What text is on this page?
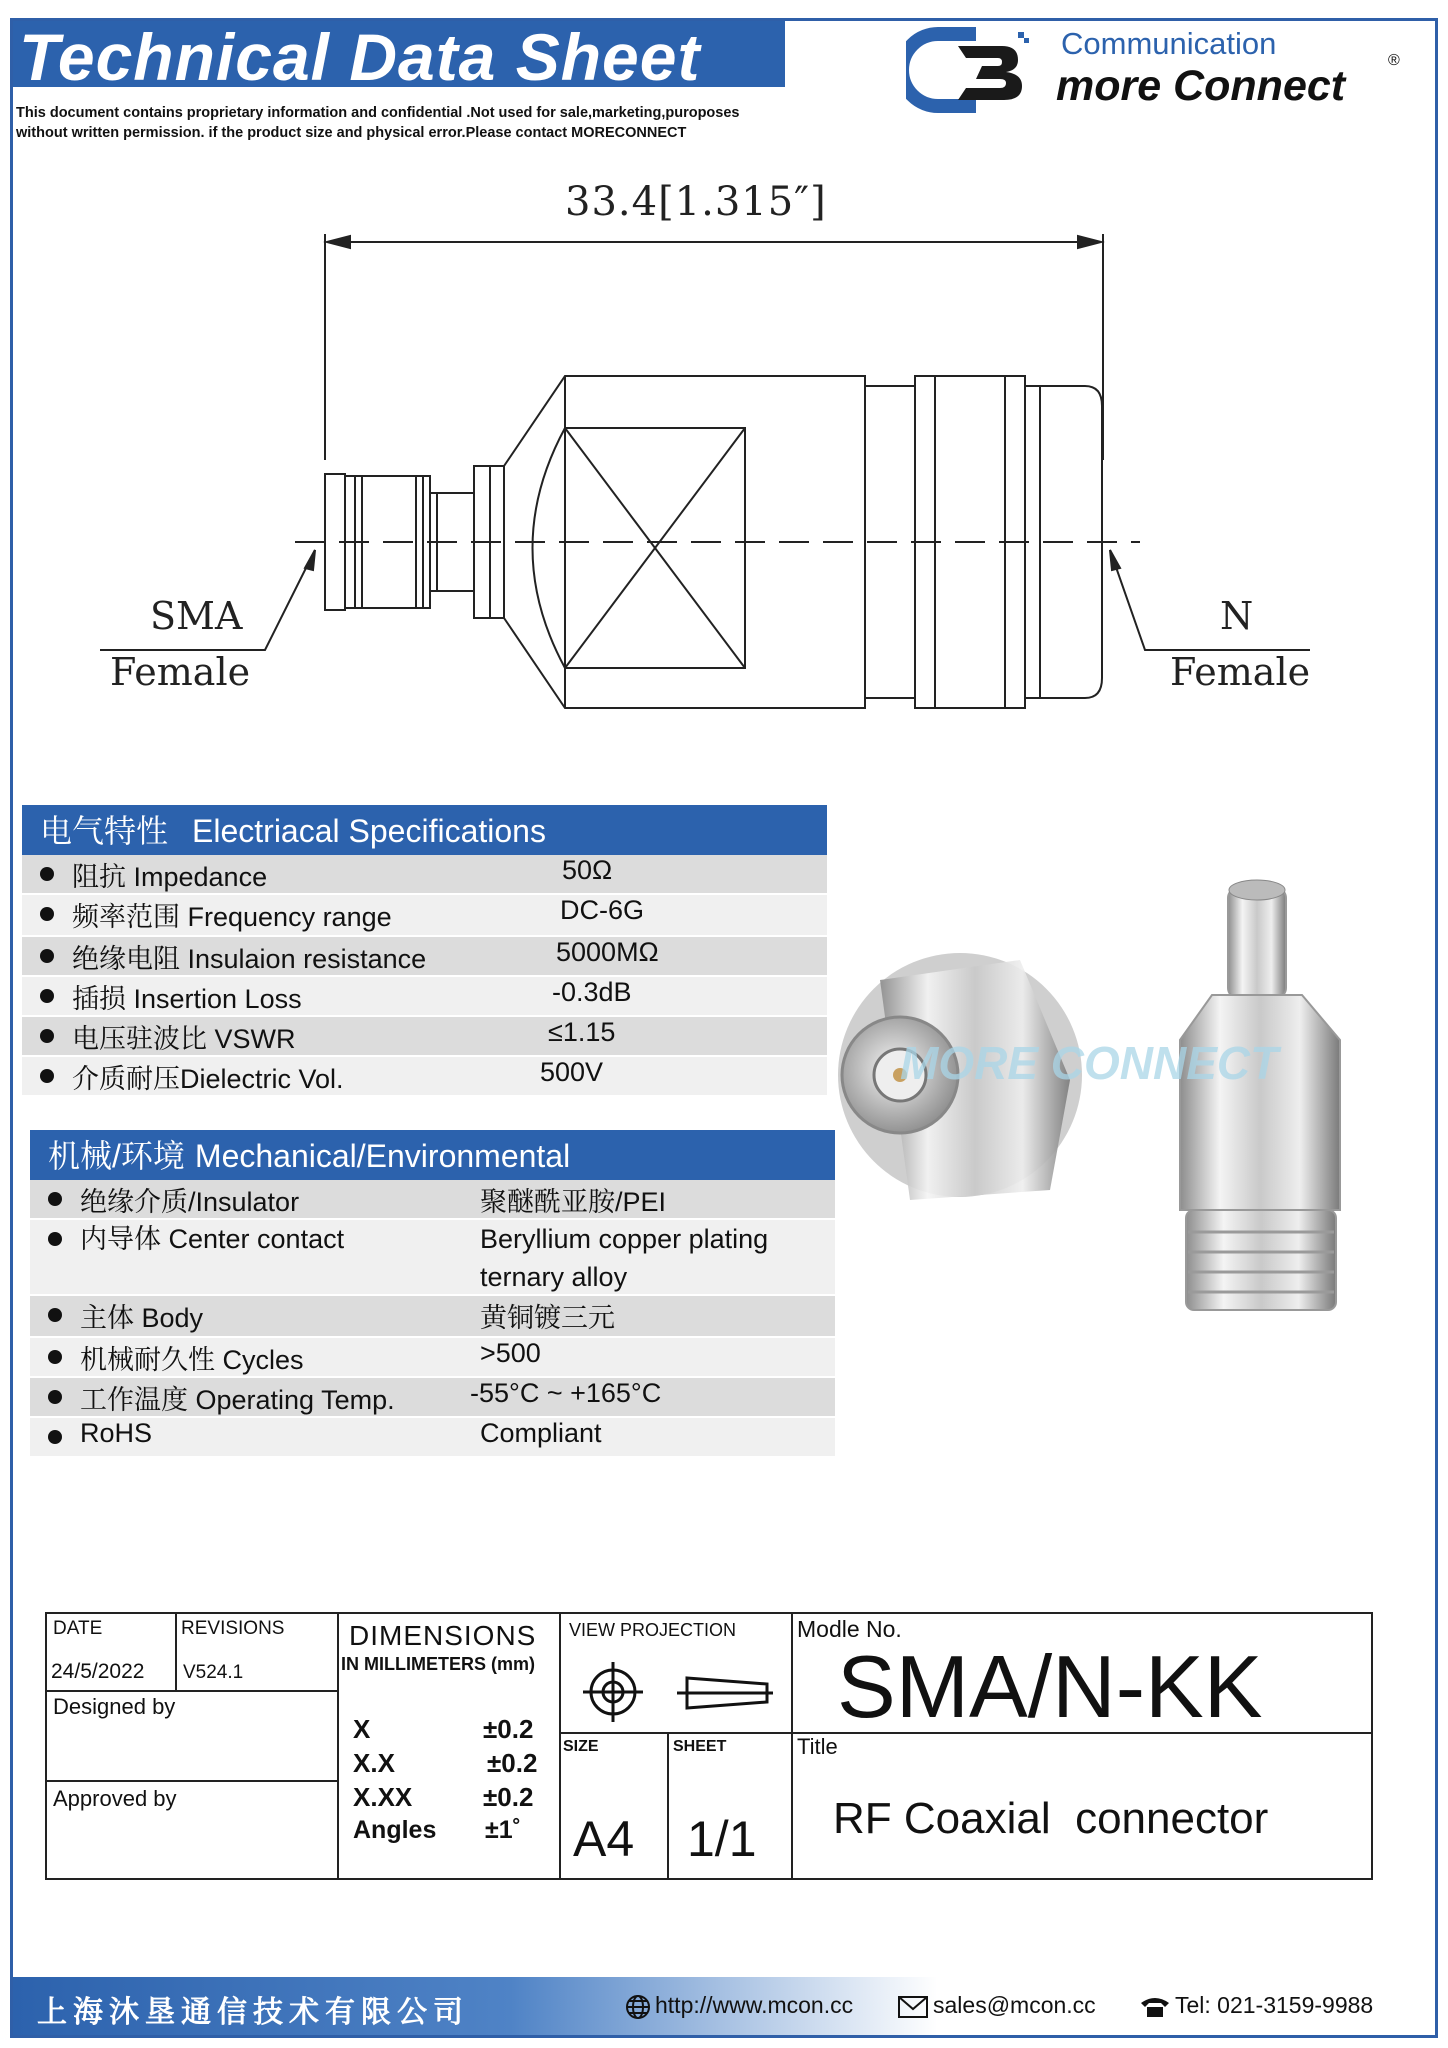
Technical Data Sheet
This document contains proprietary information and confidential .Not used for sale,marketing,puroposes
without written permission. if the product size and physical error.Please contact MORECONNECT
Communication
more Connect
®
33.4[1.315″]
SMA
Female
N
Female
电气特性 Electriacal Specifications
阻抗 Impedance	50Ω
频率范围 Frequency range	DC-6G
绝缘电阻 Insulaion resistance	5000MΩ
插损 Insertion Loss	-0.3dB
电压驻波比 VSWR	≤1.15
介质耐压Dielectric Vol.	500V
机械/环境 Mechanical/Environmental
绝缘介质/Insulator	聚醚酰亚胺/PEI
内导体 Center contact	Beryllium copper plating
ternary alloy
主体 Body	黄铜镀三元
机械耐久性 Cycles	>500
工作温度 Operating Temp.	-55°C ~ +165°C
RoHS	Compliant
MORE CONNECT
DATE
24/5/2022
REVISIONS
V524.1
Designed by
Approved by
DIMENSIONS
IN MILLIMETERS (mm)
X	±0.2
X.X	±0.2
X.XX	±0.2
Angles ±1˚
VIEW PROJECTION
SIZE
A4
SHEET
1/1
Modle No.
SMA/N-KK
Title
RF Coaxial  connector
上海沐垦通信技术有限公司	http://www.mcon.cc	sales@mcon.cc	Tel: 021-3159-9988
